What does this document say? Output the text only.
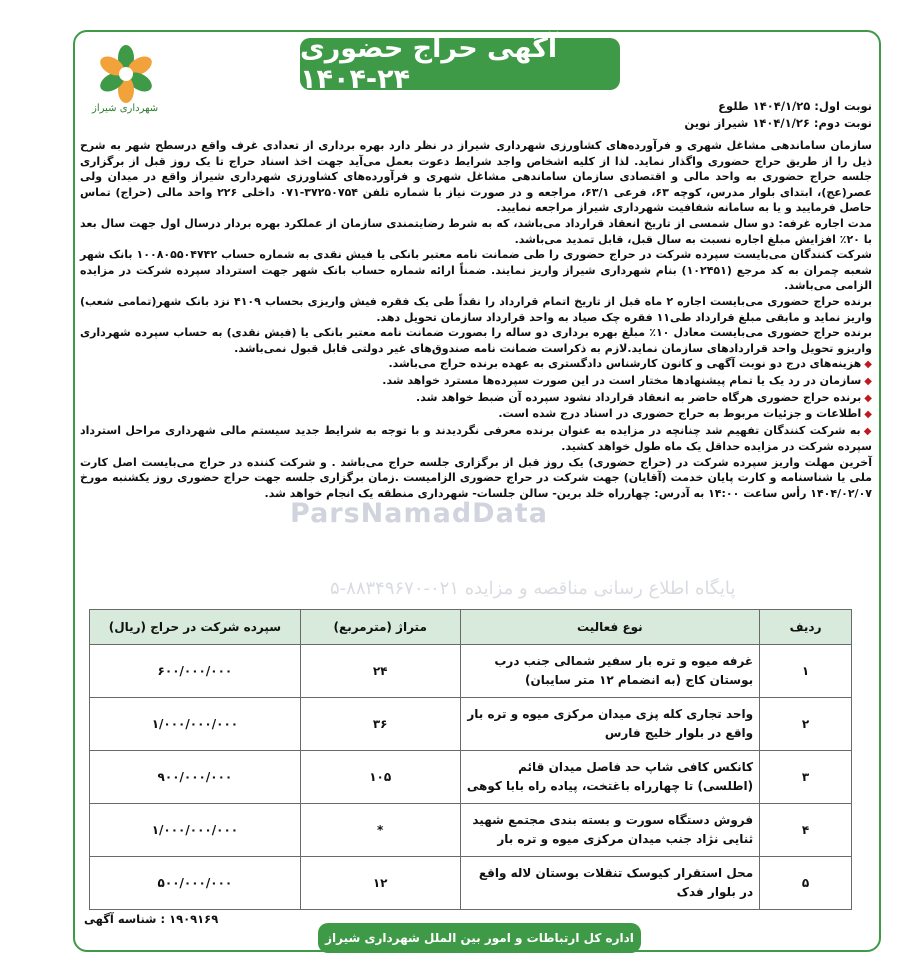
آگهی حراج حضوری ۲۴-۱۴۰۴
شهرداری شیراز	نوبت اول: ۱۴۰۴/۱/۲۵ طلوع
نوبت دوم: ۱۴۰۴/۱/۲۶ شیراز نوین
ParsNamadData
پایگاه اطلاع رسانی مناقصه و مزایده ۰۲۱-۸۸۳۴۹۶۷۰-۵

سازمان ساماندهی مشاغل شهری و فرآورده‌های کشاورزی شهرداری شیراز در نظر دارد بهره برداری از تعدادی غرف واقع درسطح شهر به شرح ذیل را از طریق حراج حضوری واگذار نماید. لذا از کلیه اشخاص واجد شرایط دعوت بعمل می‌آید جهت اخذ اسناد حراج تا یک روز قبل از برگزاری جلسه حراج حضوری به واحد مالی و اقتصادی سازمان ساماندهی مشاغل شهری و فرآورده‌های کشاورزی شهرداری شیراز واقع در میدان ولی عصر(عج)، ابتدای بلوار مدرس، کوچه ۶۳، فرعی ۶۳/۱، مراجعه و در صورت نیاز با شماره تلفن ۳۷۲۵۰۷۵۴-۰۷۱ داخلی ۲۲۶ واحد مالی (حراج) تماس حاصل فرمایید و یا به سامانه شفافیت شهرداری شیراز مراجعه نمایید.

مدت اجاره غرفه: دو سال شمسی از تاریخ انعقاد قرارداد می‌باشد، که به شرط رضایتمندی سازمان از عملکرد بهره بردار درسال اول جهت سال بعد با ۲۰٪ افزایش مبلغ اجاره نسبت به سال قبل، قابل تمدید می‌باشد.

شرکت کنندگان می‌بایست سپرده شرکت در حراج حضوری را طی ضمانت نامه معتبر بانکی یا فیش نقدی به شماره حساب ۱۰۰۸۰۵۵۰۴۷۴۲ بانک شهر شعبه چمران به کد مرجع (۱۰۲۴۵۱) بنام شهرداری شیراز واریز نمایند. ضمناً ارائه شماره حساب بانک شهر جهت استرداد سپرده شرکت در مزایده الزامی می‌باشد.

برنده حراج حضوری می‌بایست اجاره ۲ ماه قبل از تاریخ اتمام قرارداد را نقداً طی یک فقره فیش واریزی بحساب ۴۱۰۹ نزد بانک شهر(تمامی شعب) واریز نماید و مابقی مبلغ قرارداد طی۱۱ فقره چک صیاد به واحد قرارداد سازمان تحویل دهد.

برنده حراج حضوری می‌بایست معادل ۱۰٪ مبلغ بهره برداری دو ساله را بصورت ضمانت نامه معتبر بانکی یا (فیش نقدی) به حساب سپرده شهرداری واریزو تحویل واحد قراردادهای سازمان نماید.لازم به ذکراست ضمانت نامه صندوق‌های غیر دولتی قابل قبول نمی‌باشد.

◆هزینه‌های درج دو نوبت آگهی و کانون کارشناس دادگستری به عهده برنده حراج می‌باشد.

◆سازمان در رد یک یا تمام پیشنهادها مختار است در این صورت سپرده‌ها مسترد خواهد شد.

◆برنده حراج حضوری هرگاه حاضر به انعقاد قرارداد نشود سپرده آن ضبط خواهد شد.

◆اطلاعات و جزئیات مربوط به حراج حضوری در اسناد درج شده است.

◆به شرکت کنندگان تفهیم شد چنانچه در مزایده به عنوان برنده معرفی نگردیدند و با توجه به شرایط جدید سیستم مالی شهرداری مراحل استرداد سپرده شرکت در مزایده حداقل یک ماه طول خواهد کشید.

آخرین مهلت واریز سپرده شرکت در (حراج حضوری) یک روز قبل از برگزاری جلسه حراج می‌باشد . و شرکت کننده در حراج می‌بایست اصل کارت ملی یا شناسنامه و کارت پایان خدمت (آقایان) جهت شرکت در حراج حضوری الزامیست .زمان برگزاری جلسه جهت حراج حضوری روز یکشنبه مورخ ۱۴۰۴/۰۲/۰۷ رأس ساعت ۱۴:۰۰ به آدرس: چهارراه خلد برین- سالن جلسات- شهرداری منطقه یک انجام خواهد شد.

ردیف	نوع فعالیت	متراژ (مترمربع)	سپرده شرکت در حراج (ریال)
۱	غرفه میوه و تره بار سفیر شمالی جنب درب بوستان کاج (به انضمام ۱۲ متر سایبان)	۲۴	۶۰۰/۰۰۰/۰۰۰
۲	واحد تجاری کله پزی میدان مرکزی میوه و تره بار واقع در بلوار خلیج فارس	۳۶	۱/۰۰۰/۰۰۰/۰۰۰
۳	کانکس کافی شاپ حد فاصل میدان قائم (اطلسی) تا چهارراه باغتخت، پیاده راه بابا کوهی	۱۰۵	۹۰۰/۰۰۰/۰۰۰
۴	فروش دستگاه سورت و بسته بندی مجتمع شهید ثنایی نژاد جنب میدان مرکزی میوه و تره بار	*	۱/۰۰۰/۰۰۰/۰۰۰
۵	محل استقرار کیوسک تنقلات بوستان لاله واقع در بلوار فدک	۱۲	۵۰۰/۰۰۰/۰۰۰
۱۹۰۹۱۶۹ : شناسه آگهی
اداره کل ارتباطات و امور بین الملل شهرداری شیراز
